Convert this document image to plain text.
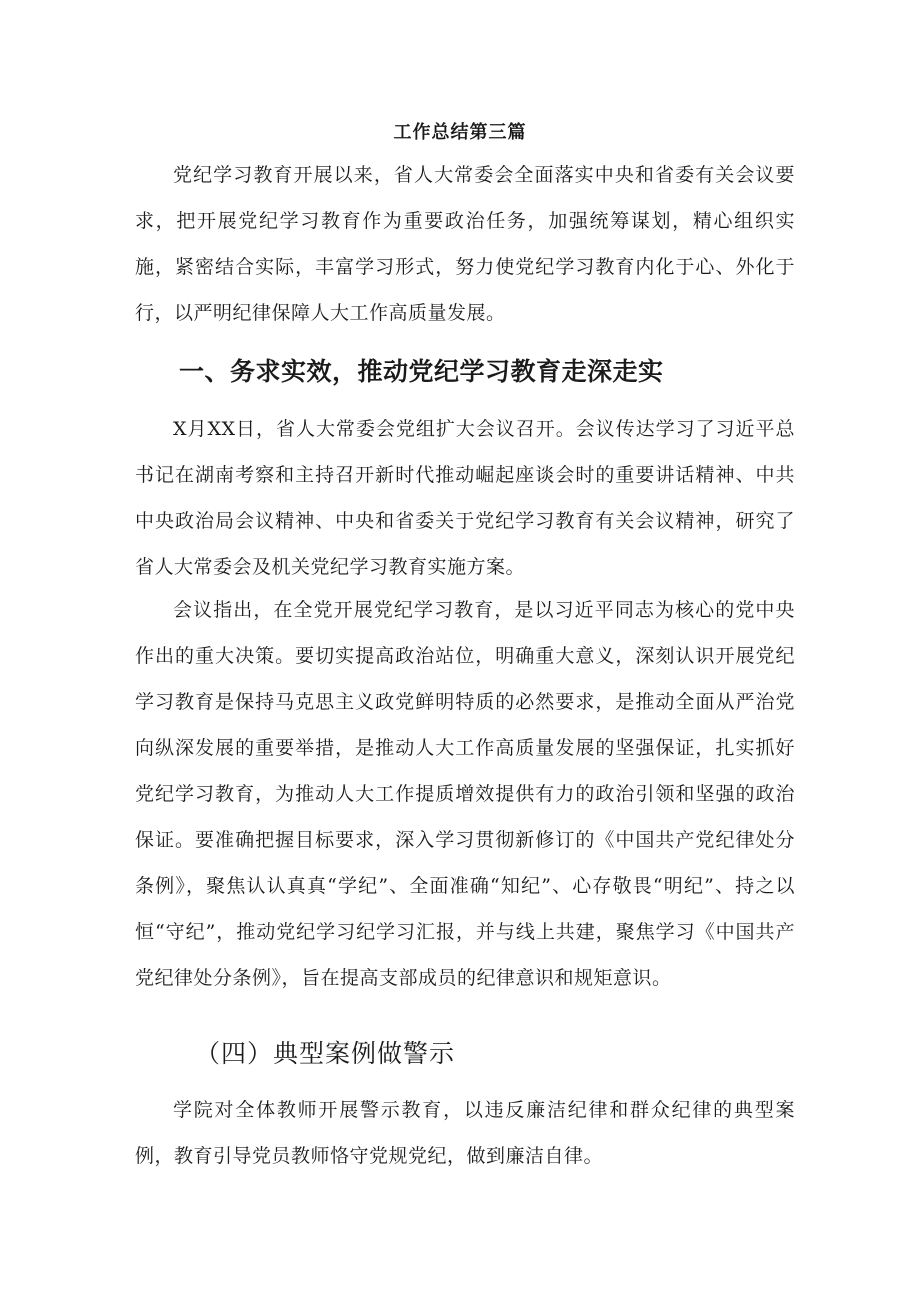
工作总结第三篇
党纪学习教育开展以来，省人大常委会全面落实中央和省委有关会议要求，把开展党纪学习教育作为重要政治任务，加强统筹谋划，精心组织实施，紧密结合实际，丰富学习形式，努力使党纪学习教育内化于心、外化于行，以严明纪律保障人大工作高质量发展。
一、务求实效，推动党纪学习教育走深走实
X月XX日，省人大常委会党组扩大会议召开。会议传达学习了习近平总书记在湖南考察和主持召开新时代推动崛起座谈会时的重要讲话精神、中共中央政治局会议精神、中央和省委关于党纪学习教育有关会议精神，研究了省人大常委会及机关党纪学习教育实施方案。
会议指出，在全党开展党纪学习教育，是以习近平同志为核心的党中央作出的重大决策。要切实提高政治站位，明确重大意义，深刻认识开展党纪学习教育是保持马克思主义政党鲜明特质的必然要求，是推动全面从严治党向纵深发展的重要举措，是推动人大工作高质量发展的坚强保证，扎实抓好党纪学习教育，为推动人大工作提质增效提供有力的政治引领和坚强的政治保证。要准确把握目标要求，深入学习贯彻新修订的《中国共产党纪律处分条例》，聚焦认认真真“学纪”、全面准确“知纪”、心存敬畏“明纪”、持之以恒“守纪”，推动党纪学习纪学习汇报，并与线上共建，聚焦学习《中国共产党纪律处分条例》，旨在提高支部成员的纪律意识和规矩意识。
（四）典型案例做警示
学院对全体教师开展警示教育，以违反廉洁纪律和群众纪律的典型案例，教育引导党员教师恪守党规党纪，做到廉洁自律。
